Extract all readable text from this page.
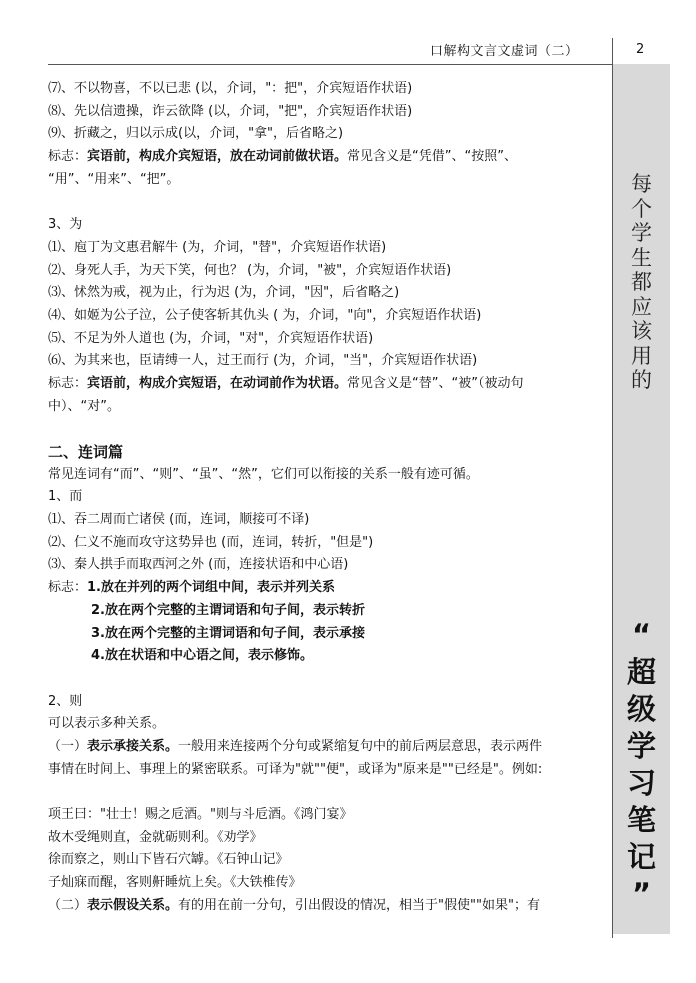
口解构文言文虚词（二）	2
每
个
学
生
都
应
该
用
的
“
超
级
学
习
笔
记
”
⑺、不以物喜，不以已悲 (以，介词，"：把"，介宾短语作状语)
⑻、先以信遗操，诈云欲降 (以，介词，"把"，介宾短语作状语)
⑼、折藏之，归以示成(以，介词，"拿"，后省略之)
标志：宾语前，构成介宾短语，放在动词前做状语。常见含义是“凭借”、“按照”、
“用”、“用来”、“把”。
3、为
⑴、庖丁为文惠君解牛 (为，介词，"替"，介宾短语作状语)
⑵、身死人手，为天下笑，何也？ (为，介词，"被"，介宾短语作状语)
⑶、怵然为戒，视为止，行为迟 (为，介词，"因"，后省略之)
⑷、如姬为公子泣，公子使客斩其仇头 ( 为，介词，"向"，介宾短语作状语)
⑸、不足为外人道也 (为，介词，"对"，介宾短语作状语)
⑹、为其来也，臣请缚一人，过王而行 (为，介词，"当"，介宾短语作状语)
标志：宾语前，构成介宾短语，在动词前作为状语。常见含义是“替”、“被”（被动句
中）、“对”。
二、连词篇
常见连词有“而”、“则”、“虽”、“然”，它们可以衔接的关系一般有迹可循。
1、而
⑴、吞二周而亡诸侯 (而，连词，顺接可不译)
⑵、仁义不施而攻守这势异也 (而，连词，转折，"但是")
⑶、秦人拱手而取西河之外 (而，连接状语和中心语)
标志：1.放在并列的两个词组中间，表示并列关系
2.放在两个完整的主谓词语和句子间，表示转折
3.放在两个完整的主谓词语和句子间，表示承接
4.放在状语和中心语之间，表示修饰。
2、则
可以表示多种关系。
（一）表示承接关系。一般用来连接两个分句或紧缩复句中的前后两层意思，表示两件
事情在时间上、事理上的紧密联系。可译为"就""便"，或译为"原来是""已经是"。例如:
项王曰："壮士！赐之卮酒。"则与斗卮酒。《鸿门宴》
故木受绳则直，金就砺则利。《劝学》
徐而察之，则山下皆石穴罅。《石钟山记》
子灿寐而醒，客则鼾睡炕上矣。《大铁椎传》
（二）表示假设关系。有的用在前一分句，引出假设的情况，相当于"假使""如果"；有
